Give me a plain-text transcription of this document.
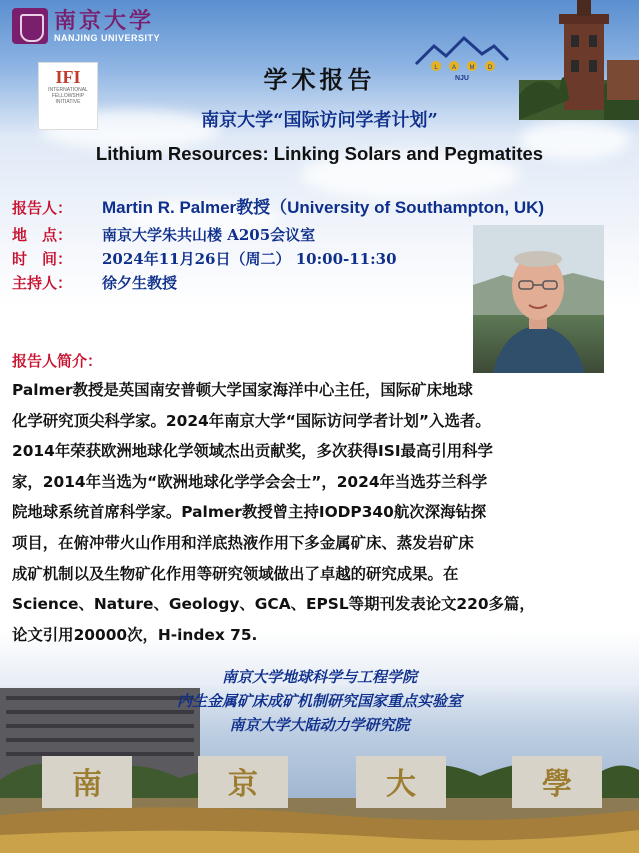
南京大学
NANJING UNIVERSITY
IFI
INTERNATIONAL FELLOWSHIP INITIATIVE
L A M D
NJU
学术报告
南京大学“国际访问学者计划”
Lithium Resources: Linking Solars and Pegmatites
报告人： Martin R. Palmer教授（University of Southampton, UK)
地　点： 南京大学朱共山楼 A205会议室
时　间： 2024年11月26日（周二） 10:00-11:30
主持人： 徐夕生教授
报告人简介：

Palmer教授是英国南安普顿大学国家海洋中心主任，国际矿床地球

化学研究顶尖科学家。2024年南京大学“国际访问学者计划”入选者。

2014年荣获欧洲地球化学领域杰出贡献奖，多次获得ISI最高引用科学

家，2014年当选为“欧洲地球化学学会会士”，2024年当选芬兰科学

院地球系统首席科学家。Palmer教授曾主持IODP340航次深海钻探

项目，在俯冲带火山作用和洋底热液作用下多金属矿床、蒸发岩矿床

成矿机制以及生物矿化作用等研究领域做出了卓越的研究成果。在

Science、Nature、Geology、GCA、EPSL等期刊发表论文220多篇，

论文引用20000次，H-index 75.

南	京	大	學
南京大学地球科学与工程学院
内生金属矿床成矿机制研究国家重点实验室
南京大学大陆动力学研究院
